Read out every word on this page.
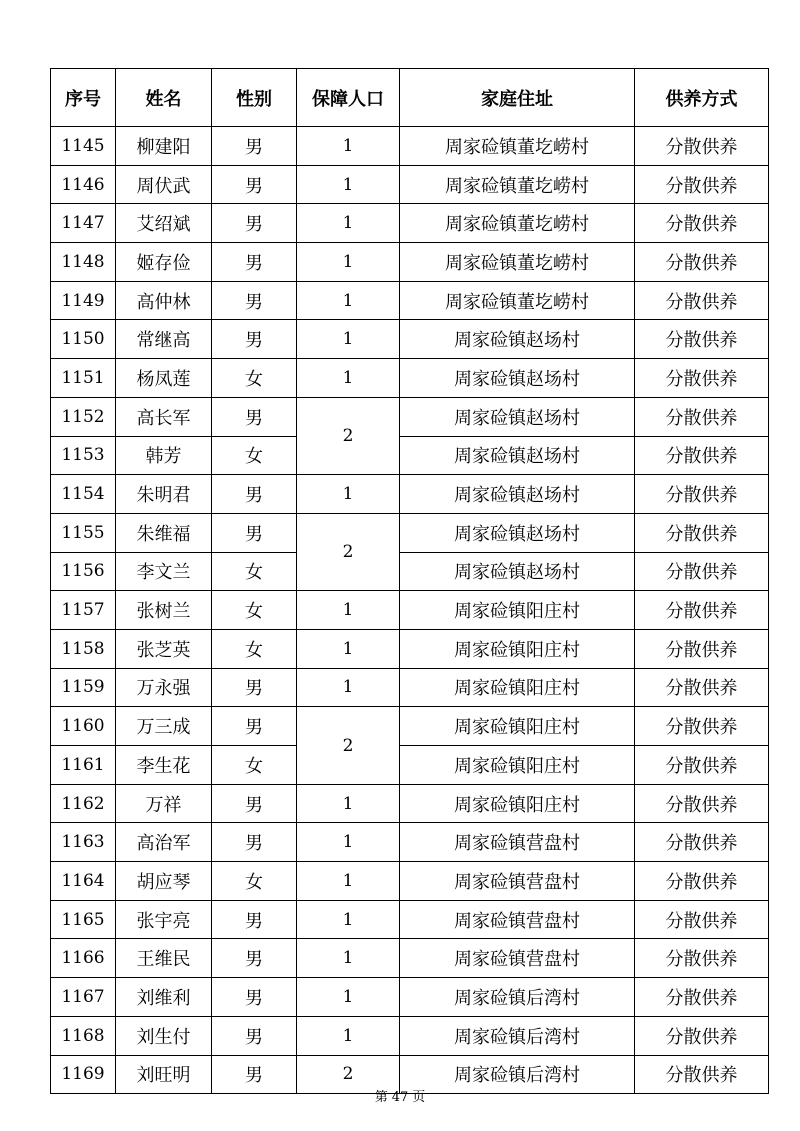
序号	姓名	性别	保障人口	家庭住址	供养方式
1145	柳建阳	男	1	周家硷镇董圪崂村	分散供养
1146	周伏武	男	1	周家硷镇董圪崂村	分散供养
1147	艾绍斌	男	1	周家硷镇董圪崂村	分散供养
1148	姬存俭	男	1	周家硷镇董圪崂村	分散供养
1149	高仲林	男	1	周家硷镇董圪崂村	分散供养
1150	常继高	男	1	周家硷镇赵场村	分散供养
1151	杨凤莲	女	1	周家硷镇赵场村	分散供养
1152	高长军	男	2	周家硷镇赵场村	分散供养
1153	韩芳	女		周家硷镇赵场村	分散供养
1154	朱明君	男	1	周家硷镇赵场村	分散供养
1155	朱维福	男	2	周家硷镇赵场村	分散供养
1156	李文兰	女		周家硷镇赵场村	分散供养
1157	张树兰	女	1	周家硷镇阳庄村	分散供养
1158	张芝英	女	1	周家硷镇阳庄村	分散供养
1159	万永强	男	1	周家硷镇阳庄村	分散供养
1160	万三成	男	2	周家硷镇阳庄村	分散供养
1161	李生花	女		周家硷镇阳庄村	分散供养
1162	万祥	男	1	周家硷镇阳庄村	分散供养
1163	高治军	男	1	周家硷镇营盘村	分散供养
1164	胡应琴	女	1	周家硷镇营盘村	分散供养
1165	张宇亮	男	1	周家硷镇营盘村	分散供养
1166	王维民	男	1	周家硷镇营盘村	分散供养
1167	刘维利	男	1	周家硷镇后湾村	分散供养
1168	刘生付	男	1	周家硷镇后湾村	分散供养
1169	刘旺明	男	2	周家硷镇后湾村	分散供养
第 47 页
